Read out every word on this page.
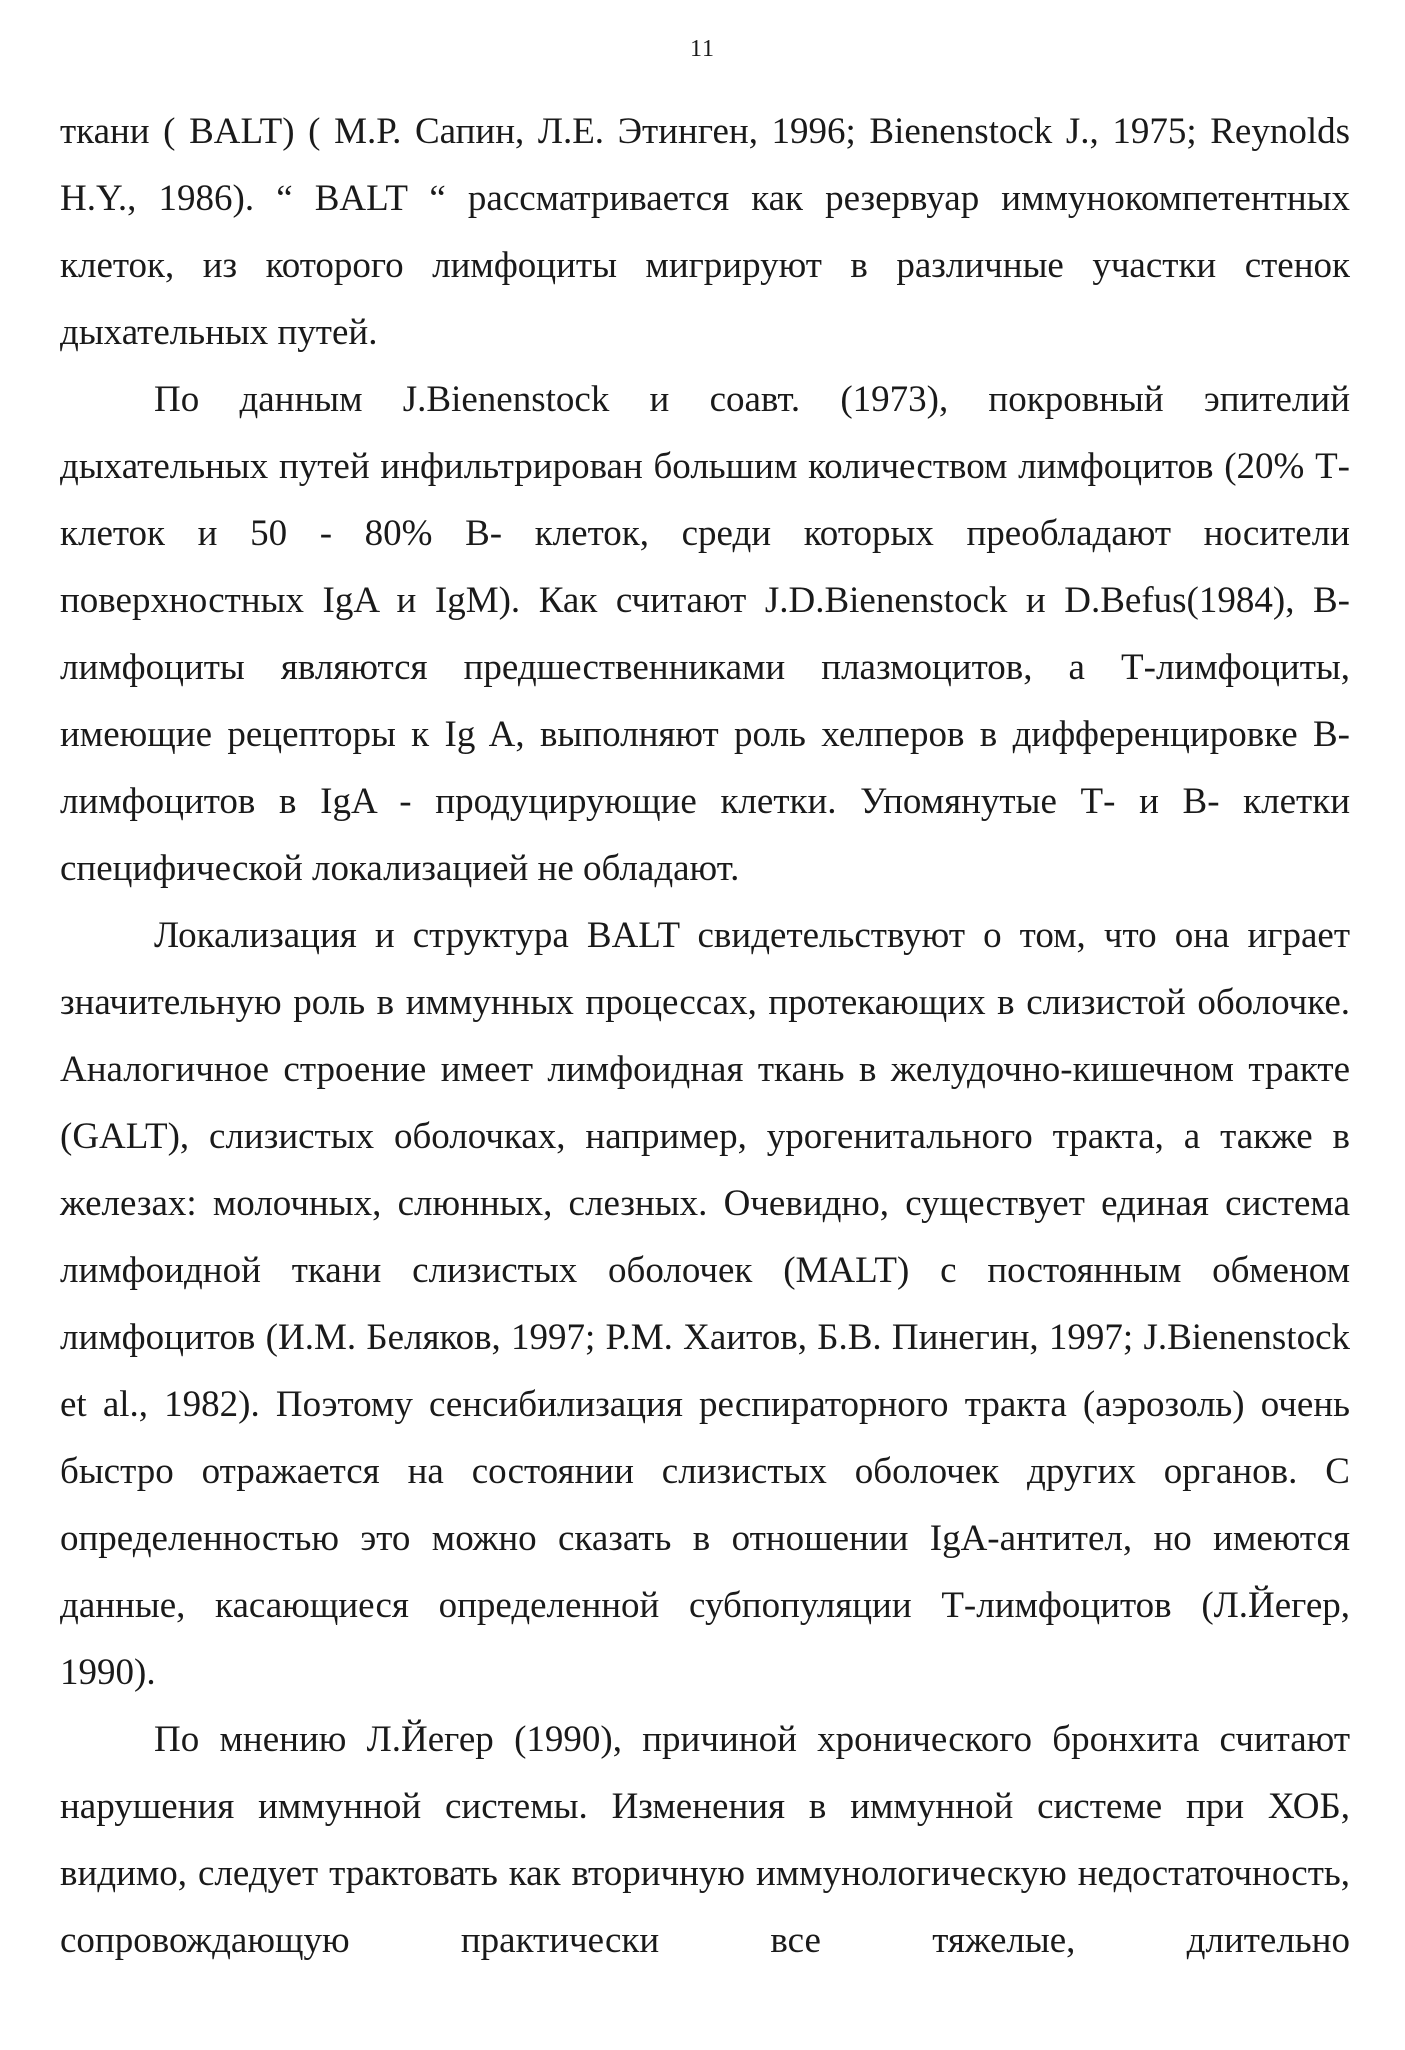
11

ткани ( BALT) ( М.Р. Сапин, Л.Е. Этинген, 1996; Bienenstock J., 1975; Reynolds H.Y., 1986). “ BALT “ рассматривается как резервуар иммунокомпетентных клеток, из которого лимфоциты мигрируют в различные участки стенок дыхательных путей.

По данным J.Bienenstock и соавт. (1973), покровный эпителий дыхательных путей инфильтрирован большим количеством лимфоцитов (20% Т-клеток и 50 - 80% В- клеток, среди которых преобладают носители поверхностных IgA и IgM). Как считают J.D.Bienenstock и D.Befus(1984), В-лимфоциты являются предшественниками плазмоцитов, а Т-лимфоциты, имеющие рецепторы к Ig A, выполняют роль хелперов в дифференцировке В-лимфоцитов в IgA - продуцирующие клетки. Упомянутые Т- и В- клетки специфической локализацией не обладают.

Локализация и структура BALT свидетельствуют о том, что она играет значительную роль в иммунных процессах, протекающих в слизистой оболочке. Аналогичное строение имеет лимфоидная ткань в желудочно-кишечном тракте (GALT), слизистых оболочках, например, урогенитального тракта, а также в железах: молочных, слюнных, слезных. Очевидно, существует единая система лимфоидной ткани слизистых оболочек (MALT) с постоянным обменом лимфоцитов (И.М. Беляков, 1997; Р.М. Хаитов, Б.В. Пинегин, 1997; J.Bienenstock et al., 1982). Поэтому сенсибилизация респираторного тракта (аэрозоль) очень быстро отражается на состоянии слизистых оболочек других органов. С определенностью это можно сказать в отношении IgA-антител, но имеются данные, касающиеся определенной субпопуляции Т-лимфоцитов (Л.Йегер, 1990).

По мнению Л.Йегер (1990), причиной хронического бронхита считают нарушения иммунной системы. Изменения в иммунной системе при ХОБ, видимо, следует трактовать как вторичную иммунологическую недостаточность, сопровождающую практически все тяжелые, длительно
